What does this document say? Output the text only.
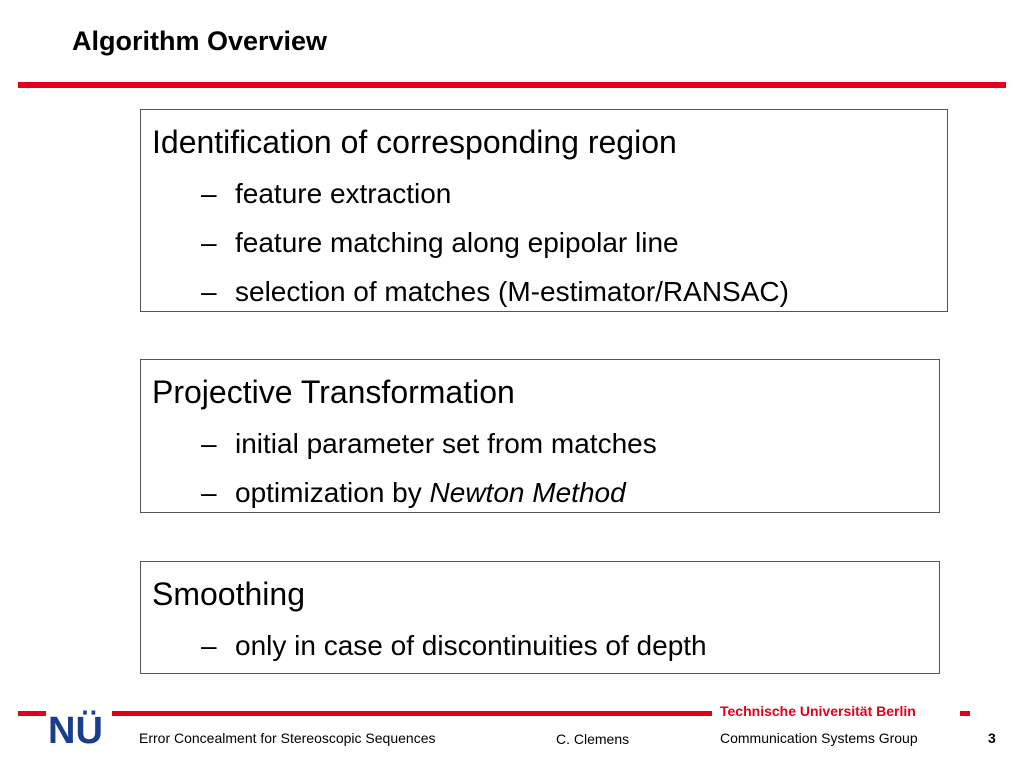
Algorithm Overview
Identification of corresponding region
– feature extraction
– feature matching along epipolar line
– selection of matches (M-estimator/RANSAC)
Projective Transformation
– initial parameter set from matches
– optimization by Newton Method
Smoothing
– only in case of discontinuities of depth
NÜ	Technische Universität Berlin
Error Concealment for Stereoscopic Sequences	C. Clemens	Communication Systems Group	3
